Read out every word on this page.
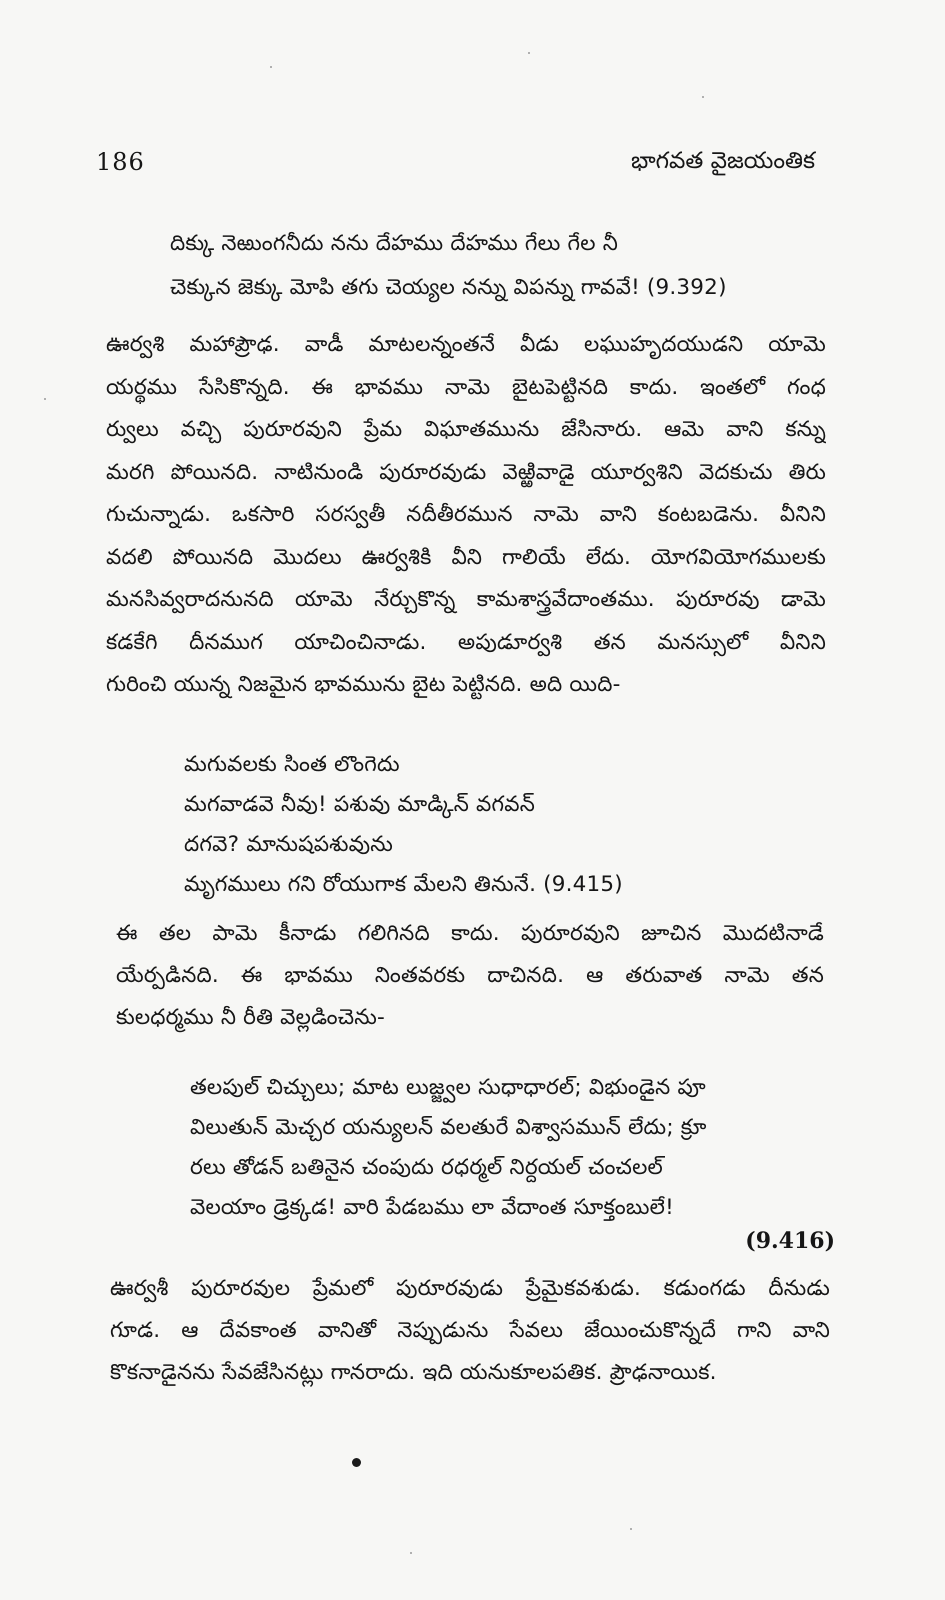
186	భాగవత వైజయంతిక
దిక్కు నెఱుంగనీదు నను దేహము దేహము గేలు గేల నీ
చెక్కున జెక్కు మోపి తగు చెయ్యల నన్ను విపన్ను గావవే! (9.392)
ఊర్వశి మహాప్రౌఢ. వాడీ మాటలన్నంతనే వీడు లఘుహృదయుడని యామె
యర్థము సేసికొన్నది. ఈ భావము నామె బైటపెట్టినది కాదు. ఇంతలో గంధ
ర్వులు వచ్చి పురూరవుని ప్రేమ విఘాతమును జేసినారు. ఆమె వాని కన్ను
మరగి పోయినది. నాటినుండి పురూరవుడు వెఱ్ఱివాడై యూర్వశిని వెదకుచు తిరు
గుచున్నాడు. ఒకసారి సరస్వతీ నదీతీరమున నామె వాని కంటబడెను. వీనిని
వదలి పోయినది మొదలు ఊర్వశికి వీని గాలియే లేదు. యోగవియోగములకు
మనసివ్వరాదనునది యామె నేర్చుకొన్న కామశాస్త్రవేదాంతము. పురూరవు డామె
కడకేగి దీనముగ యాచించినాడు. అపుడూర్వశి తన మనస్సులో వీనిని
గురించి యున్న నిజమైన భావమును బైట పెట్టినది. అది యిది-
మగువలకు సింత లొంగెదు
మగవాడవె నీవు! పశువు మాడ్కిన్ వగవన్
దగవె? మానుషపశువును
మృగములు గని రోయుగాక మేలని తినునే. (9.415)
ఈ తల పామె కీనాడు గలిగినది కాదు. పురూరవుని జూచిన మొదటినాడే
యేర్పడినది. ఈ భావము నింతవరకు దాచినది. ఆ తరువాత నామె తన
కులధర్మము నీ రీతి వెల్లడించెను-
తలపుల్ చిచ్చులు; మాట లుజ్జ్వల సుధాధారల్; విభుండైన పూ
విలుతున్ మెచ్చర యన్యులన్ వలతురే విశ్వాసమున్ లేదు; క్రూ
రలు తోడన్ బతినైన చంపుదు రధర్మల్ నిర్దయల్ చంచలల్
వెలయాం డ్రెక్కడ! వారి పేడబము లా వేదాంత సూక్తంబులే!
(9.416)
ఊర్వశీ పురూరవుల ప్రేమలో పురూరవుడు ప్రేమైకవశుడు. కడుంగడు దీనుడు
గూడ. ఆ దేవకాంత వానితో నెప్పుడును సేవలు జేయించుకొన్నదే గాని వాని
కొకనాడైనను సేవజేసినట్లు గానరాదు. ఇది యనుకూలపతిక. ప్రౌఢనాయిక.
